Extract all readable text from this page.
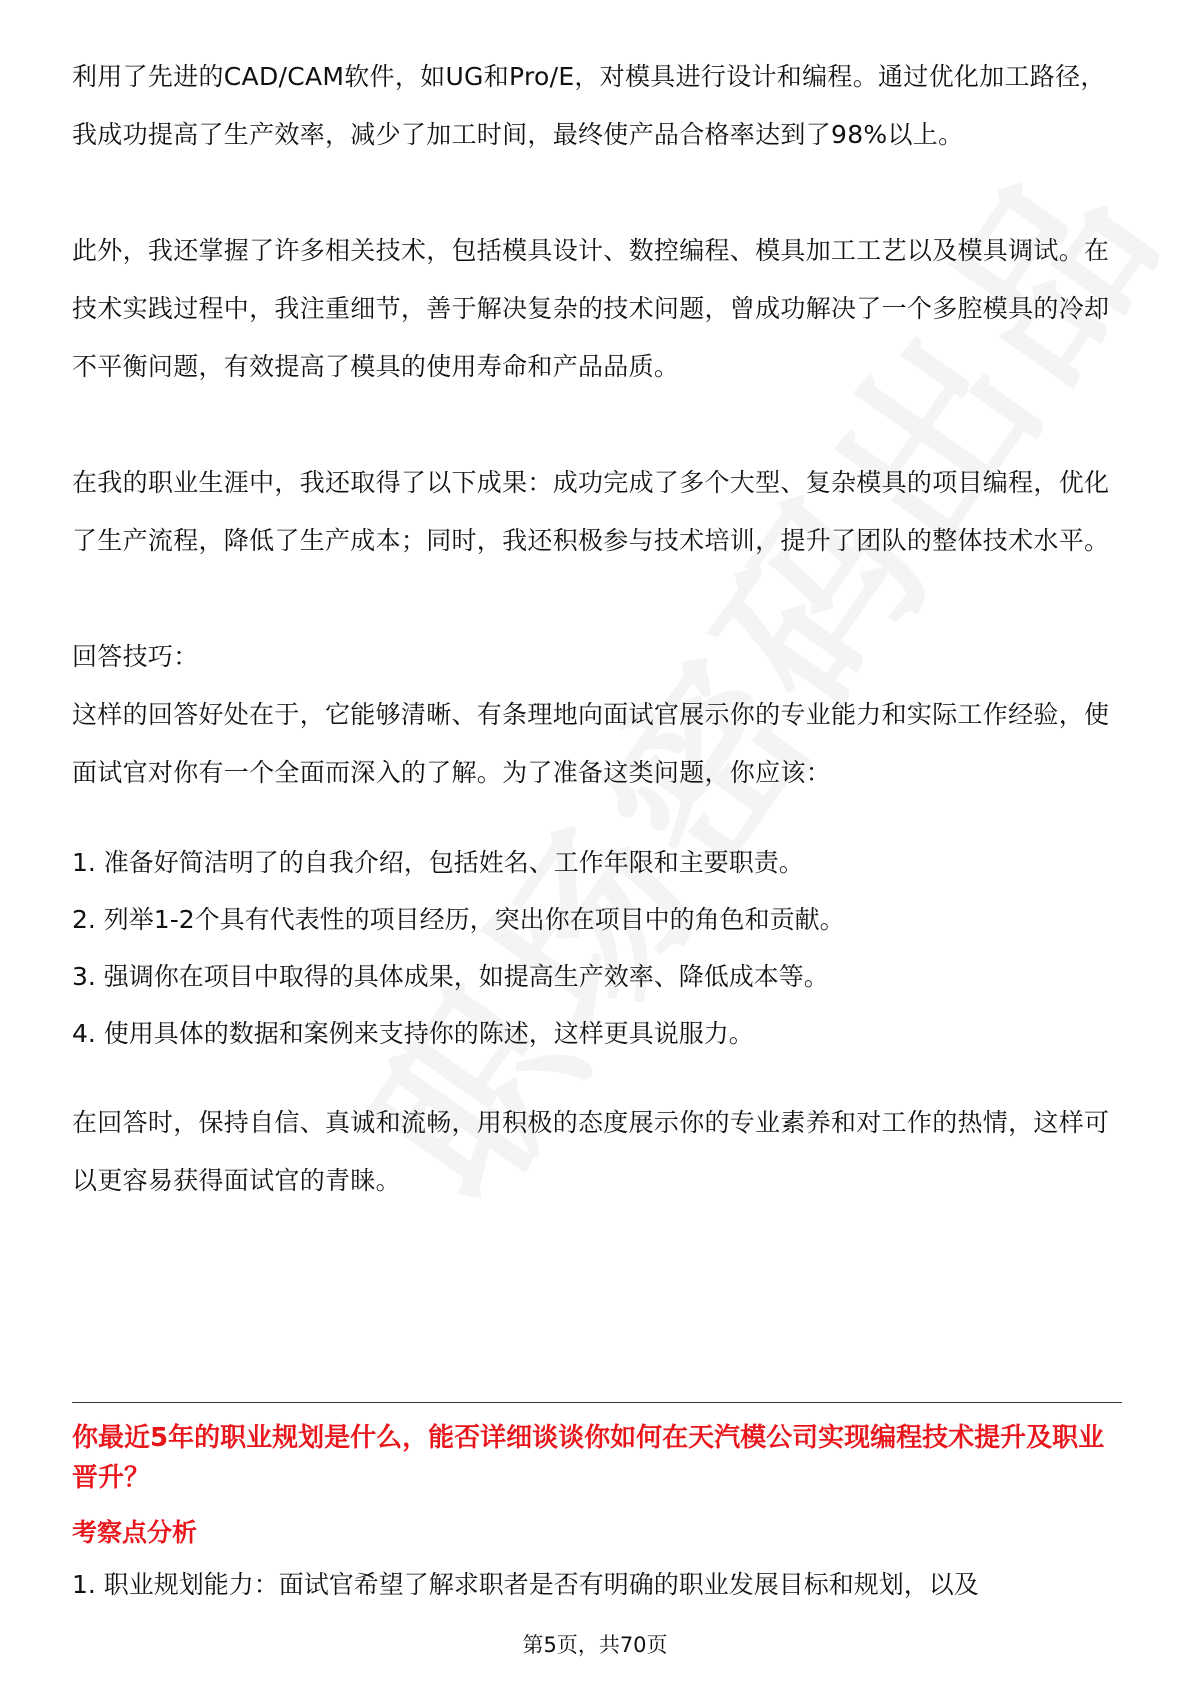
利用了先进的CAD/CAM软件，如UG和Pro/E，对模具进行设计和编程。通过优化加工路径，我成功提高了生产效率，减少了加工时间，最终使产品合格率达到了98%以上。

此外，我还掌握了许多相关技术，包括模具设计、数控编程、模具加工工艺以及模具调试。在技术实践过程中，我注重细节，善于解决复杂的技术问题，曾成功解决了一个多腔模具的冷却不平衡问题，有效提高了模具的使用寿命和产品品质。

在我的职业生涯中，我还取得了以下成果：成功完成了多个大型、复杂模具的项目编程，优化了生产流程，降低了生产成本；同时，我还积极参与技术培训，提升了团队的整体技术水平。

回答技巧：

这样的回答好处在于，它能够清晰、有条理地向面试官展示你的专业能力和实际工作经验，使面试官对你有一个全面而深入的了解。为了准备这类问题，你应该：

1. 准备好简洁明了的自我介绍，包括姓名、工作年限和主要职责。

2. 列举1-2个具有代表性的项目经历，突出你在项目中的角色和贡献。

3. 强调你在项目中取得的具体成果，如提高生产效率、降低成本等。

4. 使用具体的数据和案例来支持你的陈述，这样更具说服力。

在回答时，保持自信、真诚和流畅，用积极的态度展示你的专业素养和对工作的热情，这样可以更容易获得面试官的青睐。

你最近5年的职业规划是什么，能否详细谈谈你如何在天汽模公司实现编程技术提升及职业晋升？

考察点分析

1. 职业规划能力：面试官希望了解求职者是否有明确的职业发展目标和规划，以及

第5页，共70页
